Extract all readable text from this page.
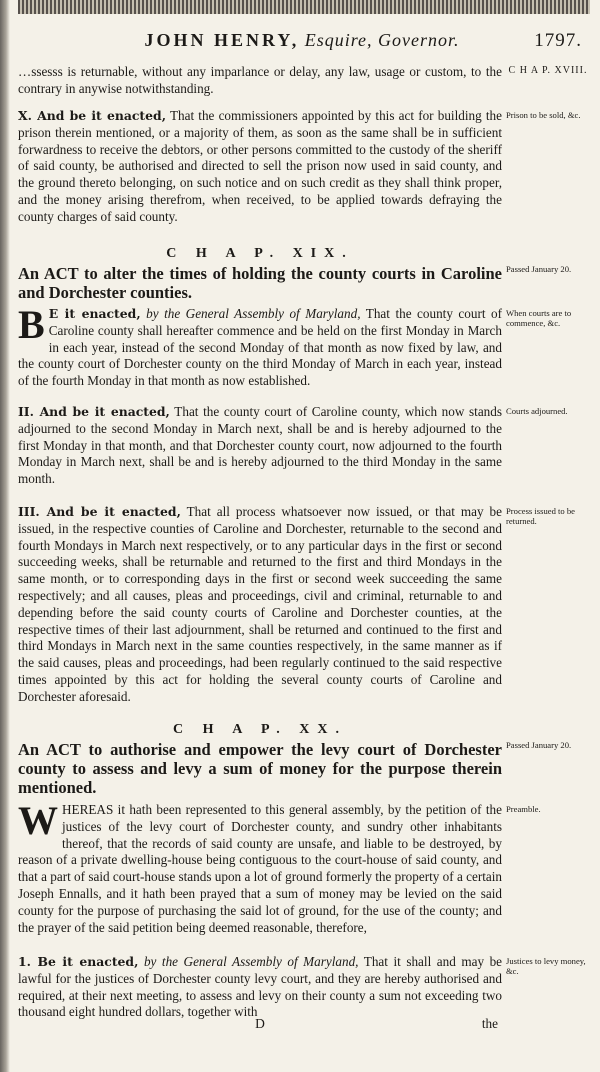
JOHN HENRY, Esquire, Governor.	1797.

…ssesss is returnable, without any imparlance or delay, any law, usage or custom, to the contrary in anywise notwithstanding.

X. And be it enacted, That the commissioners appointed by this act for building the prison therein mentioned, or a majority of them, as soon as the same shall be in sufficient forwardness to receive the debtors, or other persons committed to the custody of the sheriff of said county, be authorised and directed to sell the prison now used in said county, and the ground thereto belonging, on such notice and on such credit as they shall think proper, and the money arising therefrom, when received, to be applied towards defraying the county charges of said county.

C H A P. XIX.
An ACT to alter the times of holding the county courts in Caroline and Dorchester counties.

B E it enacted, by the General Assembly of Maryland, That the county court of Caroline county shall hereafter commence and be held on the first Monday in March in each year, instead of the second Monday of that month as now fixed by law, and the county court of Dorchester county on the third Monday of March in each year, instead of the fourth Monday in that month as now established.

II. And be it enacted, That the county court of Caroline county, which now stands adjourned to the second Monday in March next, shall be and is hereby adjourned to the first Monday in that month, and that Dorchester county court, now adjourned to the fourth Monday in March next, shall be and is hereby adjourned to the third Monday in the same month.

III. And be it enacted, That all process whatsoever now issued, or that may be issued, in the respective counties of Caroline and Dorchester, returnable to the second and fourth Mondays in March next respectively, or to any particular days in the first or second succeeding weeks, shall be returnable and returned to the first and third Mondays in the same month, or to corresponding days in the first or second week succeeding the same respectively; and all causes, pleas and proceedings, civil and criminal, returnable to and depending before the said county courts of Caroline and Dorchester counties, at the respective times of their last adjournment, shall be returned and continued to the first and third Mondays in March next in the same counties respectively, in the same manner as if the said causes, pleas and proceedings, had been regularly continued to the said respective times appointed by this act for holding the several county courts of Caroline and Dorchester aforesaid.

C H A P. XX.
An ACT to authorise and empower the levy court of Dorchester county to assess and levy a sum of money for the purpose therein mentioned.

WHEREAS it hath been represented to this general assembly, by the petition of the justices of the levy court of Dorchester county, and sundry other inhabitants thereof, that the records of said county are unsafe, and liable to be destroyed, by reason of a private dwelling-house being contiguous to the court-house of said county, and that a part of said court-house stands upon a lot of ground formerly the property of a certain Joseph Ennalls, and it hath been prayed that a sum of money may be levied on the said county for the purpose of purchasing the said lot of ground, for the use of the county; and the prayer of the said petition being deemed reasonable, therefore,

1. Be it enacted, by the General Assembly of Maryland, That it shall and may be lawful for the justices of Dorchester county levy court, and they are hereby authorised and required, at their next meeting, to assess and levy on their county a sum not exceeding two thousand eight hundred dollars, together with

D	the
C H A P. XVIII.
Prison to be sold, &c.
Passed January 20.
When courts are to commence, &c.
Courts adjourned.
Process issued to be returned.
Passed January 20.
Preamble.
Justices to levy money, &c.
